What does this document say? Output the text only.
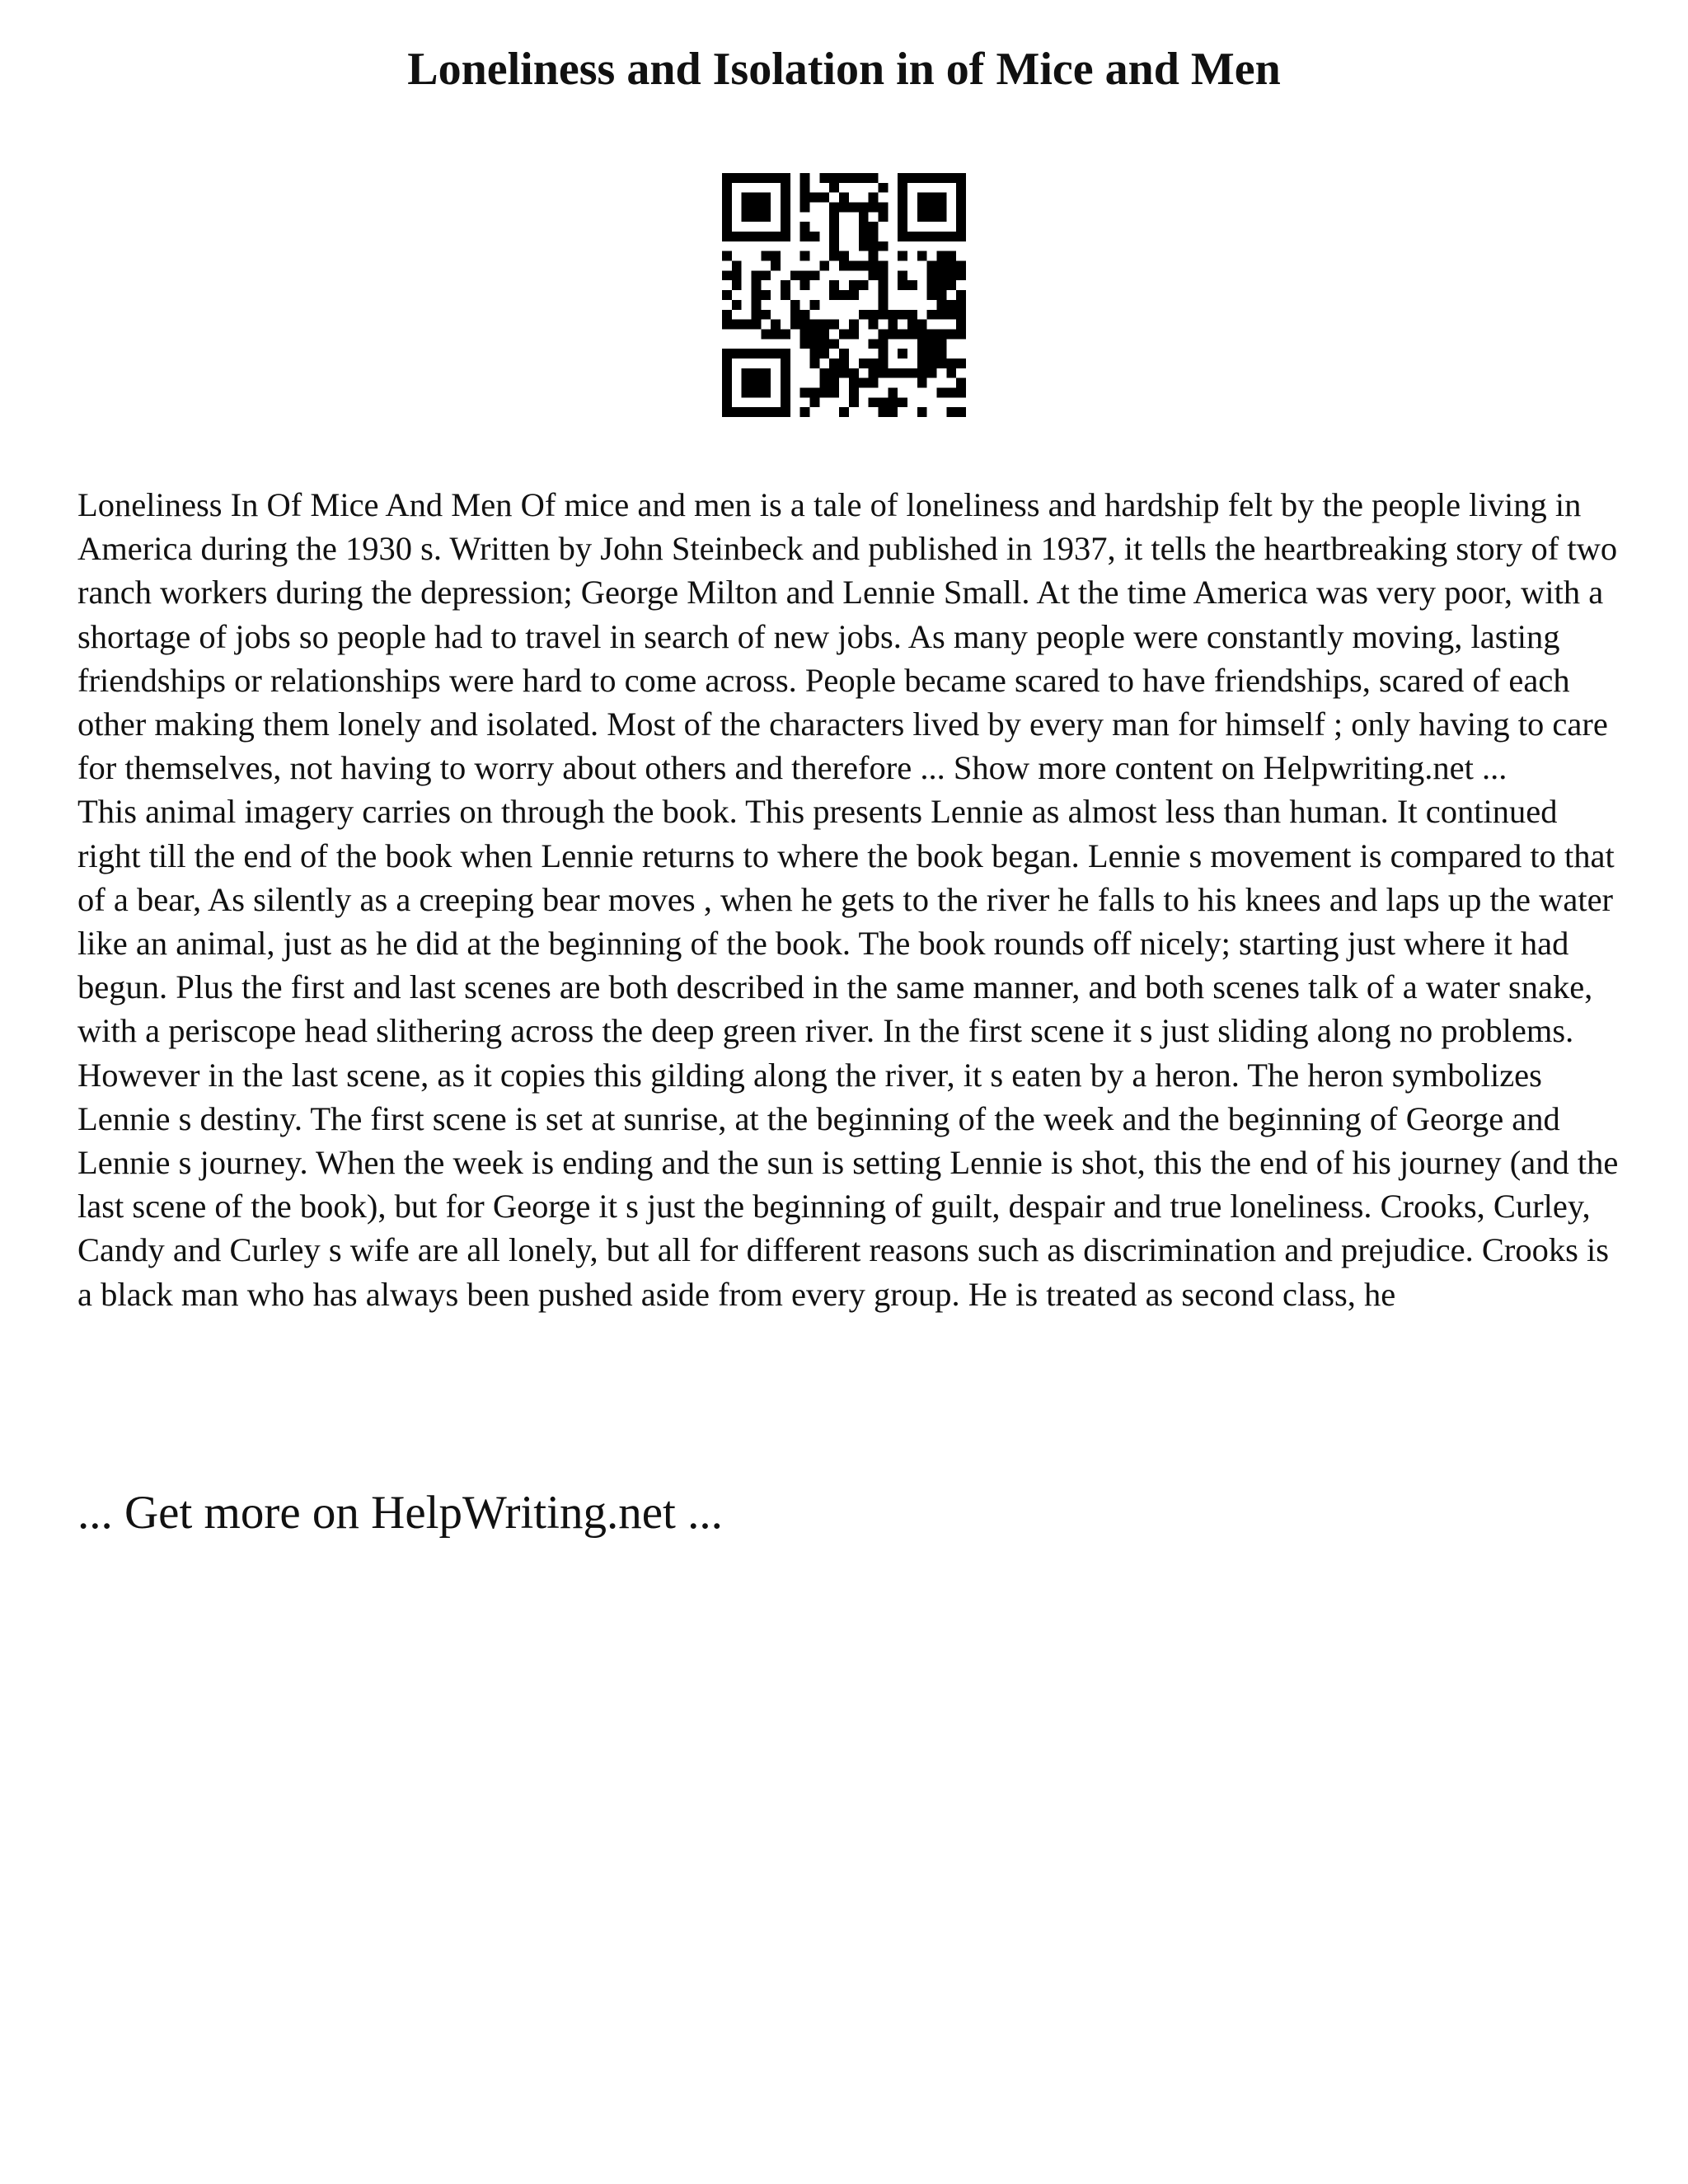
Loneliness and Isolation in of Mice and Men

Loneliness In Of Mice And Men Of mice and men is a tale of loneliness and hardship felt by the people living in America during the 1930 s. Written by John Steinbeck and published in 1937, it tells the heartbreaking story of two ranch workers during the depression; George Milton and Lennie Small. At the time America was very poor, with a shortage of jobs so people had to travel in search of new jobs. As many people were constantly moving, lasting friendships or relationships were hard to come across. People became scared to have friendships, scared of each other making them lonely and isolated. Most of the characters lived by every man for himself ; only having to care for themselves, not having to worry about others and therefore ... Show more content on Helpwriting.net ...

This animal imagery carries on through the book. This presents Lennie as almost less than human. It continued right till the end of the book when Lennie returns to where the book began. Lennie s movement is compared to that of a bear, As silently as a creeping bear moves , when he gets to the river he falls to his knees and laps up the water like an animal, just as he did at the beginning of the book. The book rounds off nicely; starting just where it had begun. Plus the first and last scenes are both described in the same manner, and both scenes talk of a water snake, with a periscope head slithering across the deep green river. In the first scene it s just sliding along no problems. However in the last scene, as it copies this gilding along the river, it s eaten by a heron. The heron symbolizes Lennie s destiny. The first scene is set at sunrise, at the beginning of the week and the beginning of George and Lennie s journey. When the week is ending and the sun is setting Lennie is shot, this the end of his journey (and the last scene of the book), but for George it s just the beginning of guilt, despair and true loneliness. Crooks, Curley, Candy and Curley s wife are all lonely, but all for different reasons such as discrimination and prejudice. Crooks is a black man who has always been pushed aside from every group. He is treated as second class, he

... Get more on HelpWriting.net ...
